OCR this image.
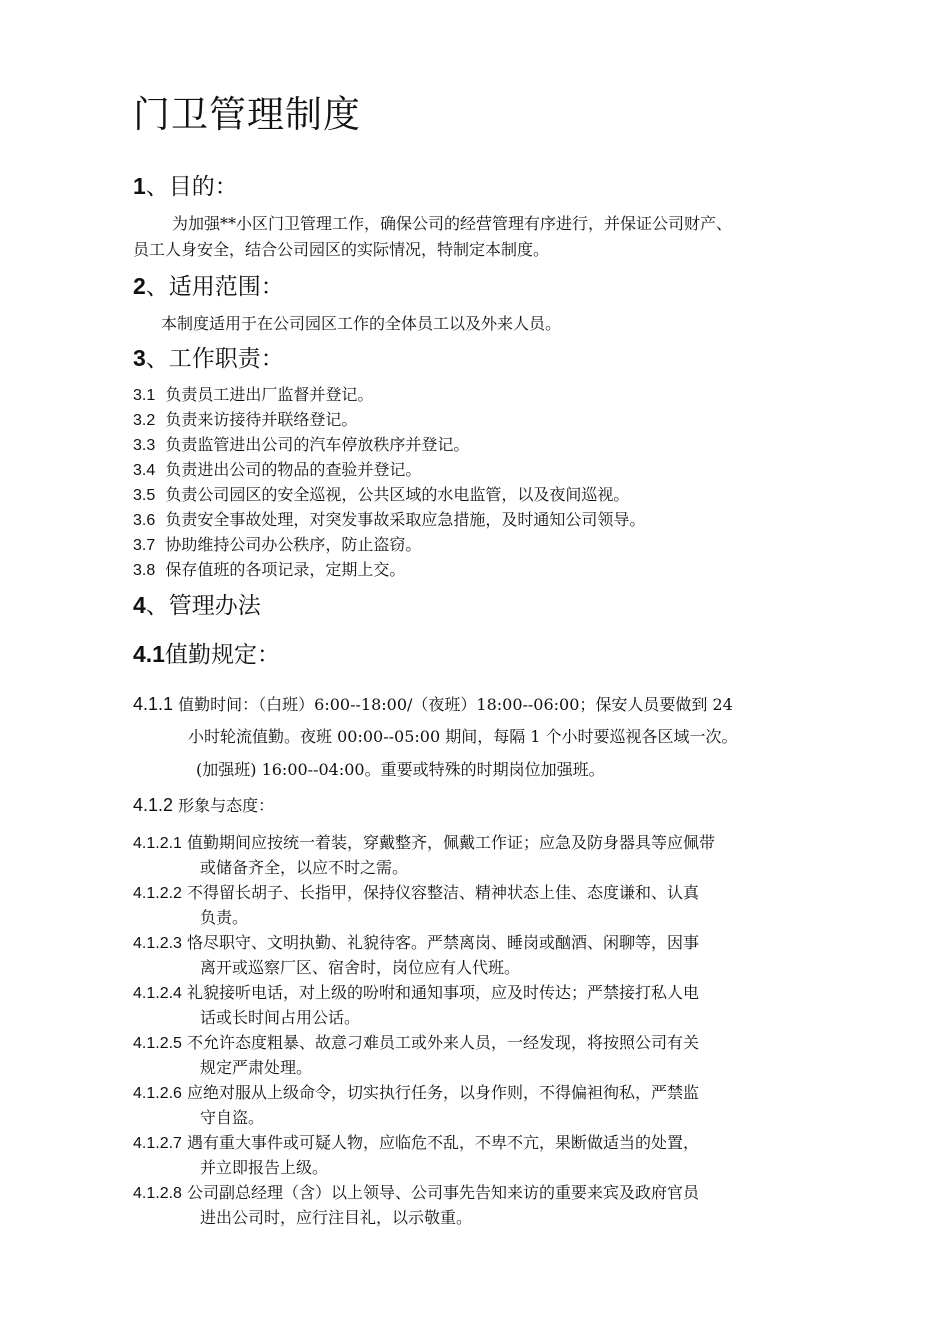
门卫管理制度
1、目的：
为加强**小区门卫管理工作，确保公司的经营管理有序进行，并保证公司财产、
员工人身安全，结合公司园区的实际情况，特制定本制度。
2、适用范围：
本制度适用于在公司园区工作的全体员工以及外来人员。
3、工作职责：
3.1 负责员工进出厂监督并登记。
3.2 负责来访接待并联络登记。
3.3 负责监管进出公司的汽车停放秩序并登记。
3.4 负责进出公司的物品的查验并登记。
3.5 负责公司园区的安全巡视，公共区域的水电监管，以及夜间巡视。
3.6 负责安全事故处理，对突发事故采取应急措施，及时通知公司领导。
3.7 协助维持公司办公秩序，防止盗窃。
3.8 保存值班的各项记录，定期上交。
4、管理办法
4.1值勤规定：
4.1.1 值勤时间：（白班）6:00--18:00/（夜班）18:00--06:00；保安人员要做到 24
小时轮流值勤。夜班 00:00--05:00 期间，每隔 1 个小时要巡视各区域一次。
(加强班) 16:00--04:00。重要或特殊的时期岗位加强班。
4.1.2 形象与态度：
4.1.2.1 值勤期间应按统一着装，穿戴整齐，佩戴工作证；应急及防身器具等应佩带
或储备齐全，以应不时之需。
4.1.2.2 不得留长胡子、长指甲，保持仪容整洁、精神状态上佳、态度谦和、认真
负责。
4.1.2.3 恪尽职守、文明执勤、礼貌待客。严禁离岗、睡岗或酗酒、闲聊等，因事
离开或巡察厂区、宿舍时，岗位应有人代班。
4.1.2.4 礼貌接听电话，对上级的吩咐和通知事项，应及时传达；严禁接打私人电
话或长时间占用公话。
4.1.2.5 不允许态度粗暴、故意刁难员工或外来人员，一经发现，将按照公司有关
规定严肃处理。
4.1.2.6 应绝对服从上级命令，切实执行任务，以身作则，不得偏袒徇私，严禁监
守自盗。
4.1.2.7 遇有重大事件或可疑人物，应临危不乱，不卑不亢，果断做适当的处置，
并立即报告上级。
4.1.2.8 公司副总经理（含）以上领导、公司事先告知来访的重要来宾及政府官员
进出公司时，应行注目礼，以示敬重。
